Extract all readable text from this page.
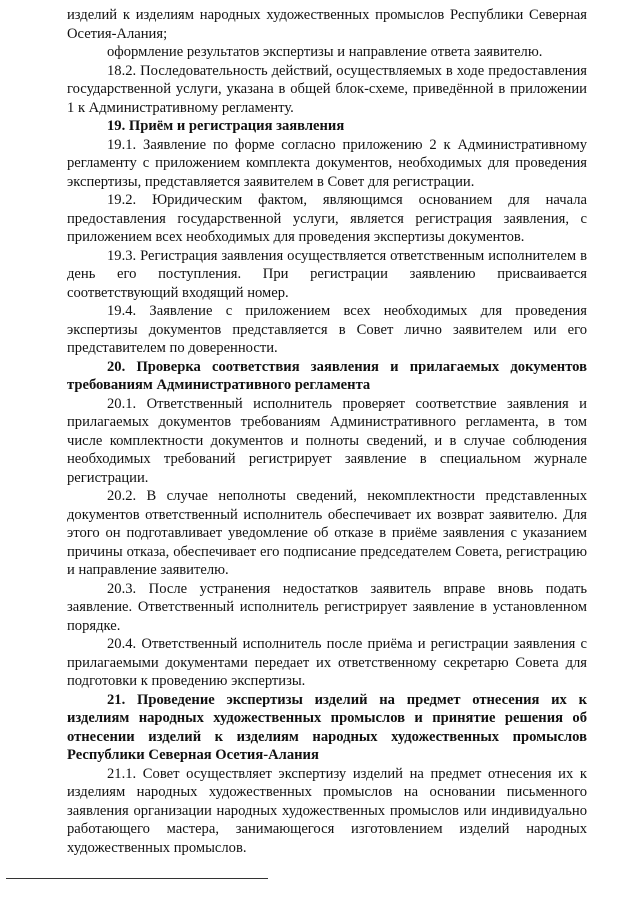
изделий к изделиям народных художественных промыслов Республики Северная Осетия-Алания;

оформление результатов экспертизы и направление ответа заявителю.

18.2. Последовательность действий, осуществляемых в ходе предоставления государственной услуги, указана в общей блок-схеме, приведённой в приложении 1 к Административному регламенту.

19. Приём и регистрация заявления

19.1. Заявление по форме согласно приложению 2 к Административному регламенту с приложением комплекта документов, необходимых для проведения экспертизы, представляется заявителем в Совет для регистрации.

19.2. Юридическим фактом, являющимся основанием для начала предоставления государственной услуги, является регистрация заявления, с приложением всех необходимых для проведения экспертизы документов.

19.3. Регистрация заявления осуществляется ответственным исполнителем в день его поступления. При регистрации заявлению присваивается соответствующий входящий номер.

19.4. Заявление с приложением всех необходимых для проведения экспертизы документов представляется в Совет лично заявителем или его представителем по доверенности.

20. Проверка соответствия заявления и прилагаемых документов требованиям Административного регламента

20.1. Ответственный исполнитель проверяет соответствие заявления и прилагаемых документов требованиям Административного регламента, в том числе комплектности документов и полноты сведений, и в случае соблюдения необходимых требований регистрирует заявление в специальном журнале регистрации.

20.2. В случае неполноты сведений, некомплектности представленных документов ответственный исполнитель обеспечивает их возврат заявителю. Для этого он подготавливает уведомление об отказе в приёме заявления с указанием причины отказа, обеспечивает его подписание председателем Совета, регистрацию и направление заявителю.

20.3. После устранения недостатков заявитель вправе вновь подать заявление. Ответственный исполнитель регистрирует заявление в установленном порядке.

20.4. Ответственный исполнитель после приёма и регистрации заявления с прилагаемыми документами передает их ответственному секретарю Совета для подготовки к проведению экспертизы.

21. Проведение экспертизы изделий на предмет отнесения их к изделиям народных художественных промыслов и принятие решения об отнесении изделий к изделиям народных художественных промыслов Республики Северная Осетия-Алания

21.1. Совет осуществляет экспертизу изделий на предмет отнесения их к изделиям народных художественных промыслов на основании письменного заявления организации народных художественных промыслов или индивидуально работающего мастера, занимающегося изготовлением изделий народных художественных промыслов.
